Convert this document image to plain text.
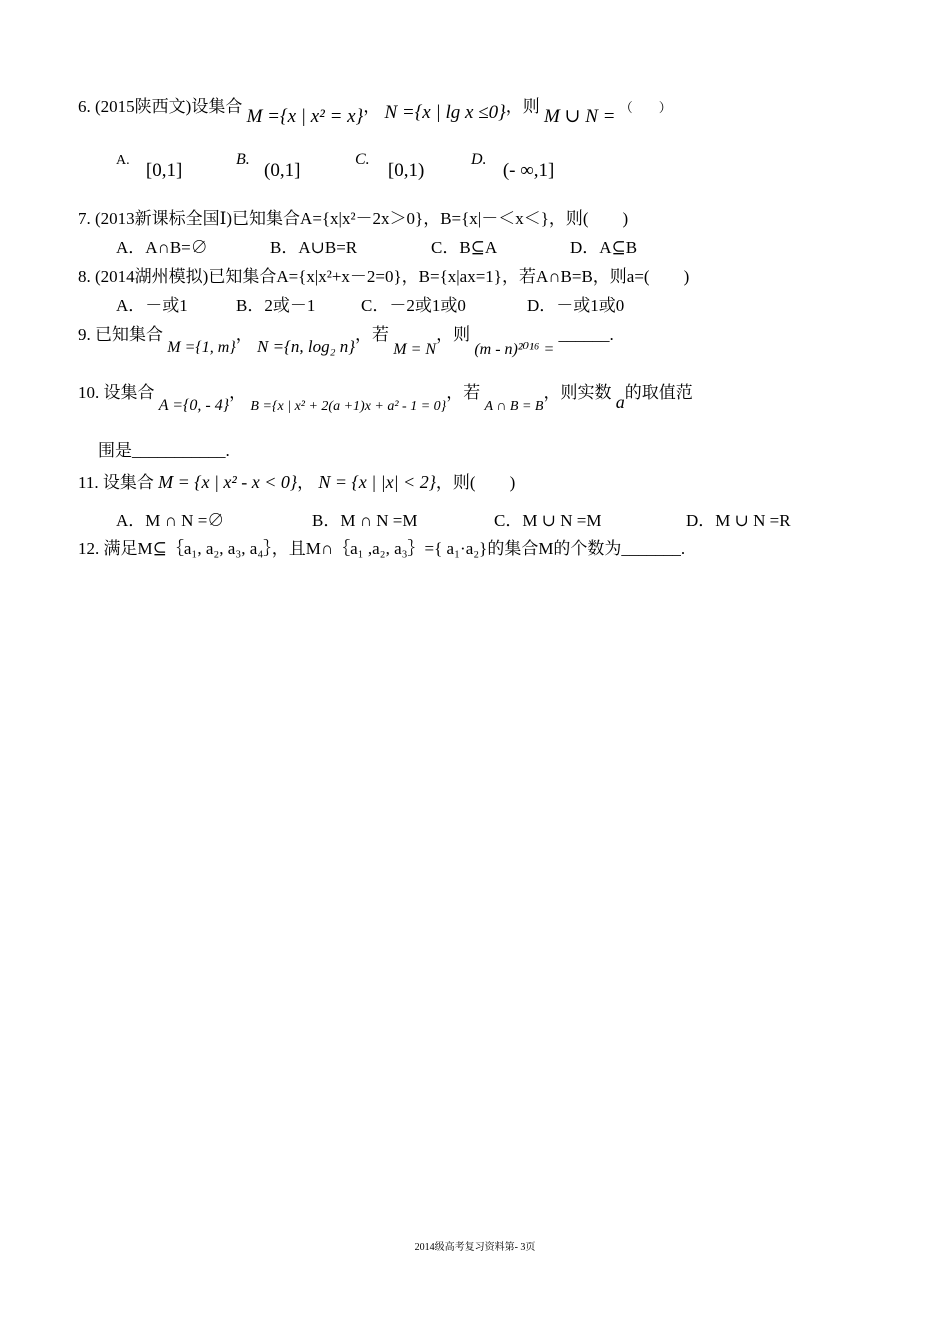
6. (2015陕西文)设集合 M ={x | x² = x}， N ={x | lg x ≤0}，则 M ∪ N = （　　）
A. [0,1]
B. (0,1]
C. [0,1)
D. (- ∞,1]
7. (2013新课标全国Ⅰ)已知集合A={x|x²－2x＞0}，B={x|－＜x＜}，则(　　)
A．A∩B=∅	B．A∪B=R	C．B⊆A	D．A⊆B
8. (2014湖州模拟)已知集合A={x|x²+x－2=0}，B={x|ax=1}，若A∩B=B，则a=(　　)
A．－或1	B．2或－1	C．－2或1或0	D．－或1或0
9. 已知集合 M ={1, m}， N ={n, log₂ n}，若 M = N，则 (m - n)²⁰¹⁶ = ______.
10. 设集合 A ={0, - 4}， $_{B =\{x | x^2 + 2(a +1)x + a^2 - 1 = 0\}}$，若 $_{A \cap B = B}$，则实数 a的取值范
围是___________.
11. 设集合 M = {x | x² - x < 0}， N = {x | |x| < 2}，则(　　)
A．M ∩ N =∅	B．M ∩ N =M	C．M ∪ N =M	D．M ∪ N =R
12. 满足M⊆｛a₁, a₂, a₃, a₄｝，且M∩｛a₁ ,a₂, a₃｝={ a₁·a₂}的集合M的个数为_______.
2014级高考复习资料第- 3页
